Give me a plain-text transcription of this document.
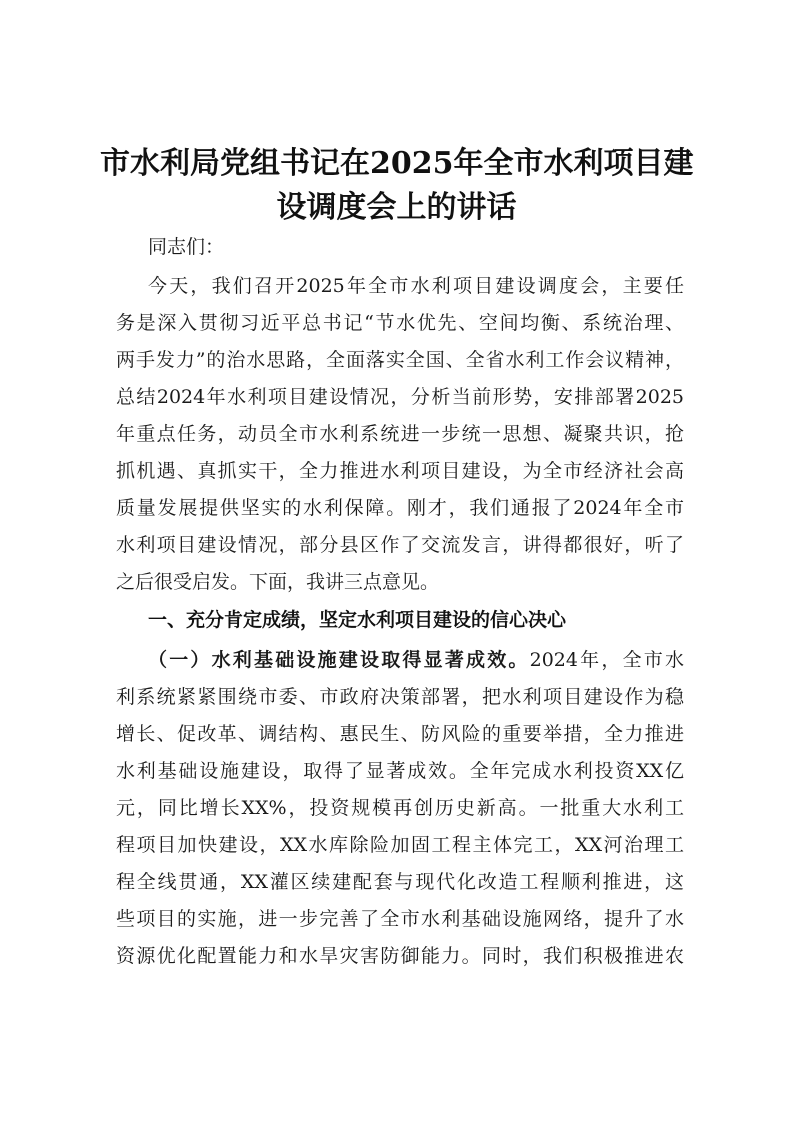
市水利局党组书记在2025年全市水利项目建
设调度会上的讲话
同志们：
今天，我们召开2025年全市水利项目建设调度会，主要任
务是深入贯彻习近平总书记“节水优先、空间均衡、系统治理、
两手发力”的治水思路，全面落实全国、全省水利工作会议精神，
总结2024年水利项目建设情况，分析当前形势，安排部署2025
年重点任务，动员全市水利系统进一步统一思想、凝聚共识，抢
抓机遇、真抓实干，全力推进水利项目建设，为全市经济社会高
质量发展提供坚实的水利保障。刚才，我们通报了2024年全市
水利项目建设情况，部分县区作了交流发言，讲得都很好，听了
之后很受启发。下面，我讲三点意见。
一、充分肯定成绩，坚定水利项目建设的信心决心
（一）水利基础设施建设取得显著成效。2024年，全市水
利系统紧紧围绕市委、市政府决策部署，把水利项目建设作为稳
增长、促改革、调结构、惠民生、防风险的重要举措，全力推进
水利基础设施建设，取得了显著成效。全年完成水利投资XX亿
元，同比增长XX%，投资规模再创历史新高。一批重大水利工
程项目加快建设，XX水库除险加固工程主体完工，XX河治理工
程全线贯通，XX灌区续建配套与现代化改造工程顺利推进，这
些项目的实施，进一步完善了全市水利基础设施网络，提升了水
资源优化配置能力和水旱灾害防御能力。同时，我们积极推进农
